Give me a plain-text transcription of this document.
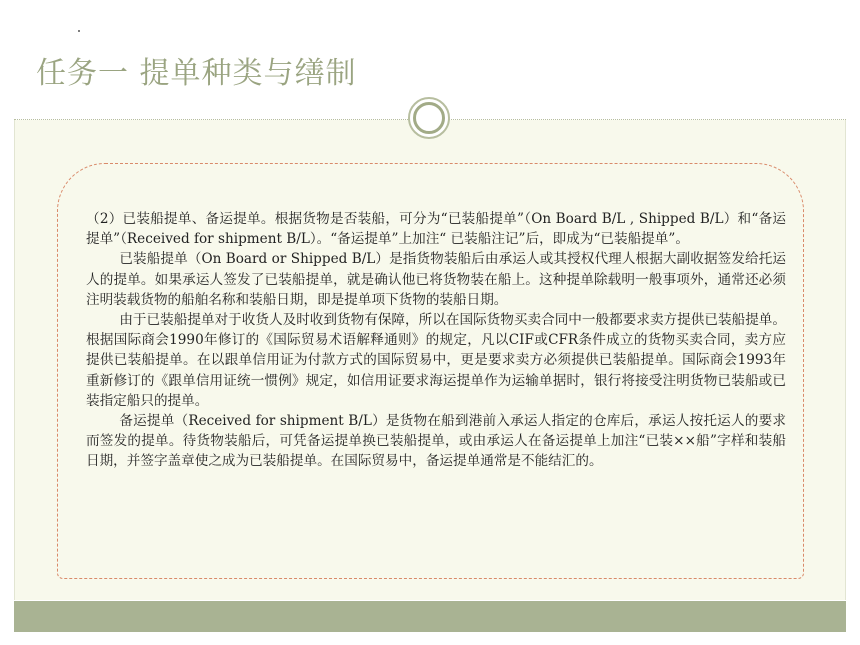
任务一 提单种类与缮制

（2）已装船提单、备运提单。根据货物是否装船，可分为“已装船提单”（On Board B/L , Shipped B/L）和“备运提单”（Received for shipment B/L）。“备运提单”上加注“ 已装船注记”后，即成为“已装船提单”。

已装船提单（On Board or Shipped B/L）是指货物装船后由承运人或其授权代理人根据大副收据签发给托运人的提单。如果承运人签发了已装船提单，就是确认他已将货物装在船上。这种提单除载明一般事项外，通常还必须注明装载货物的船舶名称和装船日期，即是提单项下货物的装船日期。

由于已装船提单对于收货人及时收到货物有保障，所以在国际货物买卖合同中一般都要求卖方提供已装船提单。根据国际商会1990年修订的《国际贸易术语解释通则》的规定，凡以CIF或CFR条件成立的货物买卖合同，卖方应提供已装船提单。在以跟单信用证为付款方式的国际贸易中，更是要求卖方必须提供已装船提单。国际商会1993年重新修订的《跟单信用证统一惯例》规定，如信用证要求海运提单作为运输单据时，银行将接受注明货物已装船或已装指定船只的提单。

备运提单（Received for shipment B/L）是货物在船到港前入承运人指定的仓库后，承运人按托运人的要求而签发的提单。待货物装船后，可凭备运提单换已装船提单，或由承运人在备运提单上加注“已装××船”字样和装船日期，并签字盖章使之成为已装船提单。在国际贸易中，备运提单通常是不能结汇的。
